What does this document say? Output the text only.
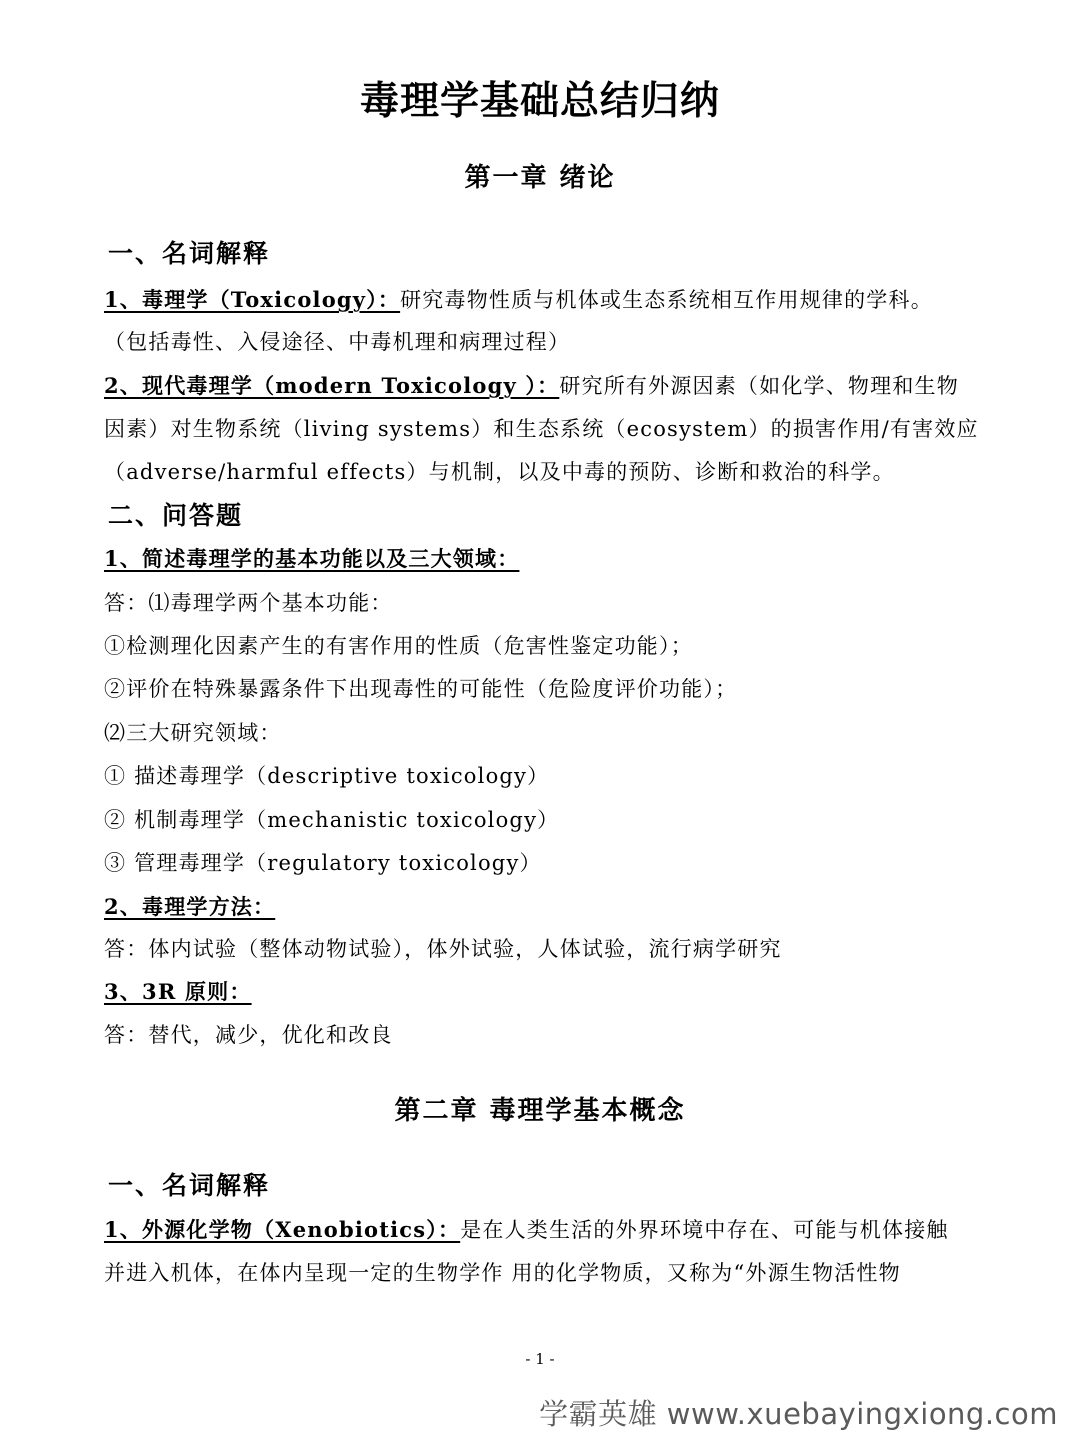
毒理学基础总结归纳
第一章 绪论
一、名词解释
1、毒理学（Toxicology）：研究毒物性质与机体或生态系统相互作用规律的学科。
（包括毒性、入侵途径、中毒机理和病理过程）
2、现代毒理学（modern Toxicology ）：研究所有外源因素（如化学、物理和生物
因素）对生物系统（living systems）和生态系统（ecosystem）的损害作用/有害效应
（adverse/harmful effects）与机制，以及中毒的预防、诊断和救治的科学。
二、问答题
1、简述毒理学的基本功能以及三大领域：
答：⑴毒理学两个基本功能：
①检测理化因素产生的有害作用的性质（危害性鉴定功能）；
②评价在特殊暴露条件下出现毒性的可能性（危险度评价功能）；
⑵三大研究领域：
① 描述毒理学（descriptive toxicology）
② 机制毒理学（mechanistic toxicology）
③ 管理毒理学（regulatory toxicology）
2、毒理学方法：
答：体内试验（整体动物试验），体外试验，人体试验，流行病学研究
3、3R 原则：
答：替代，减少，优化和改良
第二章 毒理学基本概念
一、名词解释
1、外源化学物（Xenobiotics）：是在人类生活的外界环境中存在、可能与机体接触
并进入机体，在体内呈现一定的生物学作 用的化学物质，又称为“外源生物活性物
- 1 -
学霸英雄 www.xuebayingxiong.com
